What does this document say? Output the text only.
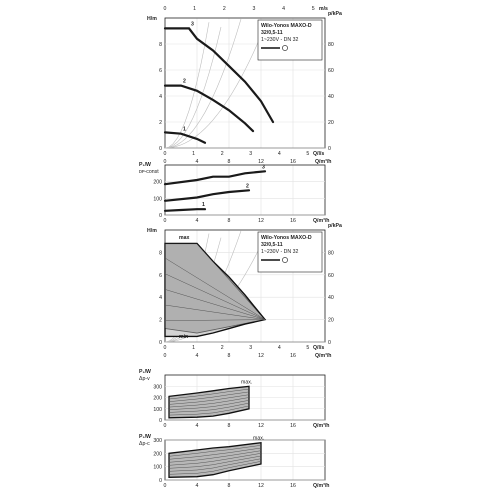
0
2
4
6
8
0
20
40
60
80
H/m
p/kPa
0	1	2	3	4	5 m/s
0	1	2	3	4	5 Q/l/s
0	4	8	12	16	Q/m³/h
1
2
3	Wilo-Yonos MAXO-D
32/0,5-11
1~230V - DN 32
0
100
200
P₁/W
ᴅᴘ-const
0	4	8	12	16	Q/m³/h
3
2
1
0
2
4
6
8
0
20
40
60
80
H/m
p/kPa
min
max
0	1	2	3	4	5 Q/l/s
0	4	8	12	16	Q/m³/h
Wilo-Yonos MAXO-D
32/0,5-11
1~230V - DN 32
0
100
200
300
P₁/W
Δp-v
max.
0	4	8	12	16	Q/m³/h
0
100
200
300
P₁/W
Δp-c
max.
0	4	8	12	16	Q/m³/h
